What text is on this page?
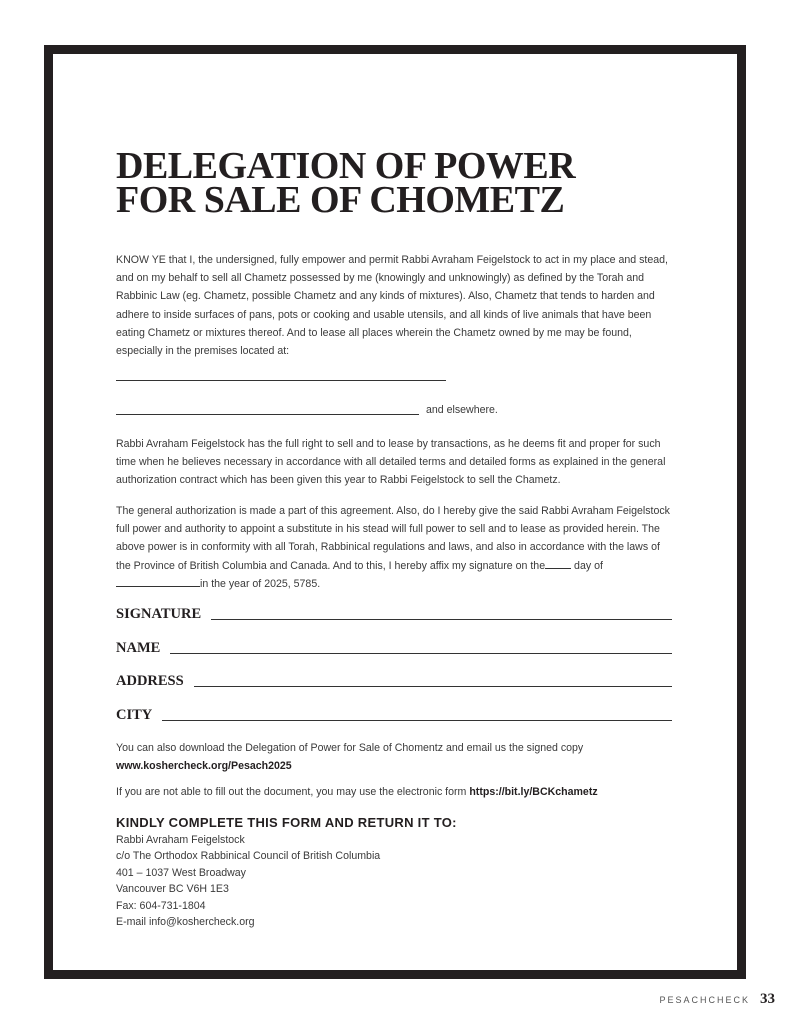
DELEGATION OF POWER
FOR SALE OF CHOMETZ

KNOW YE that I, the undersigned, fully empower and permit Rabbi Avraham Feigelstock to act in my place and stead, and on my behalf to sell all Chametz possessed by me (knowingly and unknowingly) as defined by the Torah and Rabbinic Law (eg. Chametz, possible Chametz and any kinds of mixtures). Also, Chametz that tends to harden and adhere to inside surfaces of pans, pots or cooking and usable utensils, and all kinds of live animals that have been eating Chametz or mixtures thereof. And to lease all places wherein the Chametz owned by me may be found, especially in the premises located at:

and elsewhere.

Rabbi Avraham Feigelstock has the full right to sell and to lease by transactions, as he deems fit and proper for such time when he believes necessary in accordance with all detailed terms and detailed forms as explained in the general authorization contract which has been given this year to Rabbi Feigelstock to sell the Chametz.

The general authorization is made a part of this agreement. Also, do I hereby give the said Rabbi Avraham Feigelstock full power and authority to appoint a substitute in his stead will full power to sell and to lease as provided herein. The above power is in conformity with all Torah, Rabbinical regulations and laws, and also in accordance with the laws of the Province of British Columbia and Canada. And to this, I hereby affix my signature on the	day of in the year of 2025, 5785.

SIGNATURE
NAME
ADDRESS
CITY

You can also download the Delegation of Power for Sale of Chomentz and email us the signed copy
www.koshercheck.org/Pesach2025

If you are not able to fill out the document, you may use the electronic form https://bit.ly/BCKchametz

KINDLY COMPLETE THIS FORM AND RETURN IT TO:
Rabbi Avraham Feigelstock
c/o The Orthodox Rabbinical Council of British Columbia
401 – 1037 West Broadway
Vancouver BC V6H 1E3
Fax: 604-731-1804
E-mail info@koshercheck.org
PESACHCHECK 33
